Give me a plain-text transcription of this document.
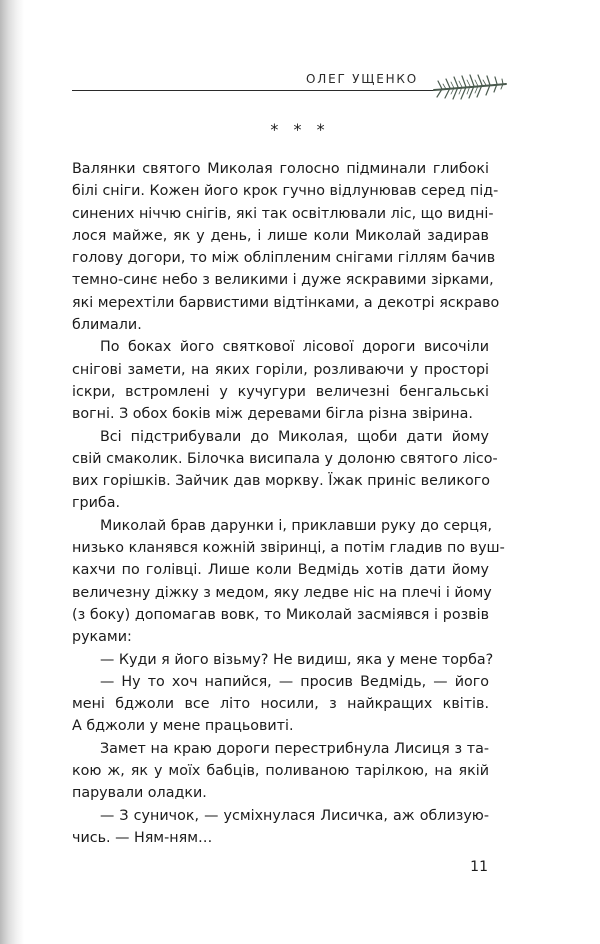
ОЛЕГ УЩЕНКО
* * *
Валянки святого Миколая голосно підминали глибокі
білі сніги. Кожен його крок гучно відлунював серед під-
синених ніччю снігів, які так освітлювали ліс, що видні-
лося майже, як у день, і лише коли Миколай задирав
голову догори, то між обліпленим снігами гіллям бачив
темно-синє небо з великими і дуже яскравими зірками,
які мерехтіли барвистими відтінками, а декотрі яскраво
блимали.
По боках його святкової лісової дороги височіли
снігові замети, на яких горіли, розливаючи у просторі
іскри, встромлені у кучугури величезні бенгальські
вогні. З обох боків між деревами бігла різна звірина.
Всі підстрибували до Миколая, щоби дати йому
свій смаколик. Білочка висипала у долоню святого лісо-
вих горішків. Зайчик дав моркву. Їжак приніс великого
гриба.
Миколай брав дарунки і, приклавши руку до серця,
низько кланявся кожній звіринці, а потім гладив по вуш-
кахчи по голівці. Лише коли Ведмідь хотів дати йому
величезну діжку з медом, яку ледве ніс на плечі і йому
(з боку) допомагав вовк, то Миколай засміявся і розвів
руками:
— Куди я його візьму? Не видиш, яка у мене торба?
— Ну то хоч напийся, — просив Ведмідь, — його
мені бджоли все літо носили, з найкращих квітів.
А бджоли у мене працьовиті.
Замет на краю дороги перестрибнула Лисиця з та-
кою ж, як у моїх бабців, поливаною тарілкою, на якій
парували оладки.
— З суничок, — усміхнулася Лисичка, аж облизую-
чись. — Ням-ням…
11
